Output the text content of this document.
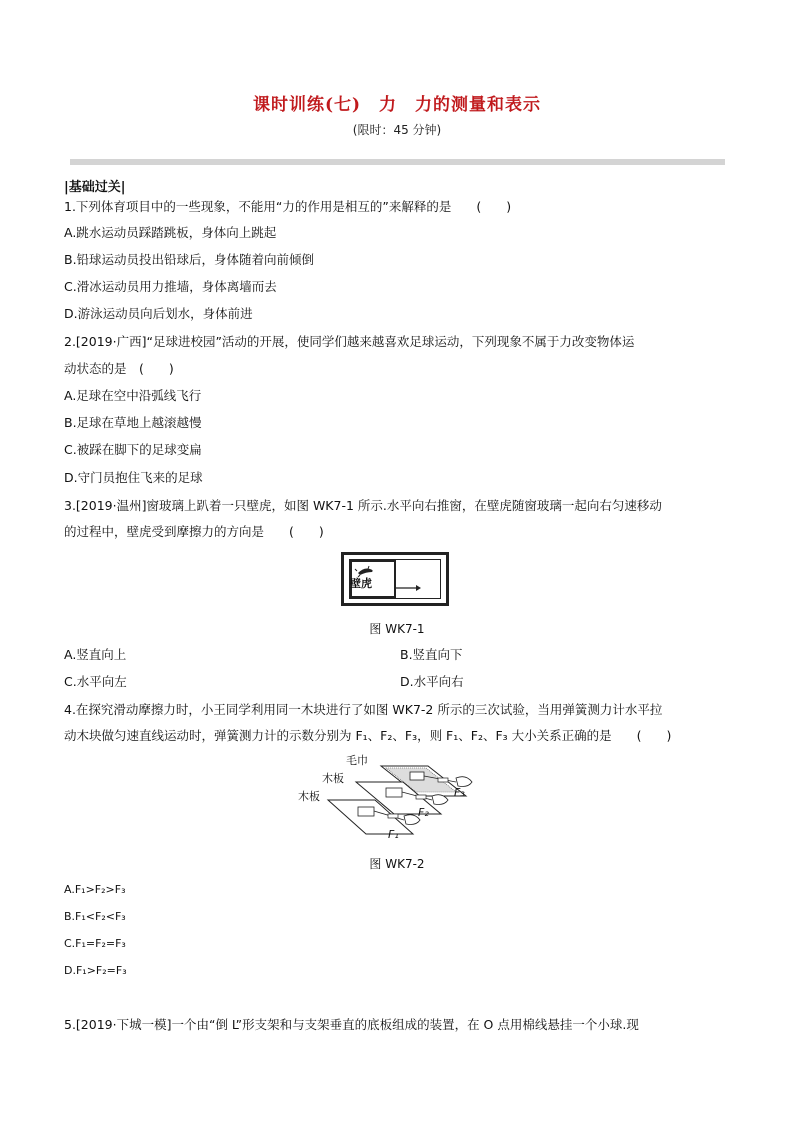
课时训练(七)　力　力的测量和表示
(限时：45 分钟)
|基础过关|
1.下列体育项目中的一些现象，不能用“力的作用是相互的”来解释的是　　(　　)
A.跳水运动员踩踏跳板，身体向上跳起
B.铅球运动员投出铅球后，身体随着向前倾倒
C.滑冰运动员用力推墙，身体离墙而去
D.游泳运动员向后划水，身体前进
2.[2019·广西]“足球进校园”活动的开展，使同学们越来越喜欢足球运动，下列现象不属于力改变物体运
动状态的是　(　　)
A.足球在空中沿弧线飞行
B.足球在草地上越滚越慢
C.被踩在脚下的足球变扁
D.守门员抱住飞来的足球
3.[2019·温州]窗玻璃上趴着一只壁虎，如图 WK7-1 所示.水平向右推窗，在壁虎随窗玻璃一起向右匀速移动
的过程中，壁虎受到摩擦力的方向是　　(　　)
壁虎
图 WK7-1
A.竖直向上	B.竖直向下
C.水平向左	D.水平向右
4.在探究滑动摩擦力时，小王同学利用同一木块进行了如图 WK7-2 所示的三次试验，当用弹簧测力计水平拉
动木块做匀速直线运动时，弹簧测力计的示数分别为 F₁、F₂、F₃，则 F₁、F₂、F₃ 大小关系正确的是　　(　　)
毛巾
木板
木板	F₃
F₂
F₁
图 WK7-2
A.F₁>F₂>F₃
B.F₁<F₂<F₃
C.F₁=F₂=F₃
D.F₁>F₂=F₃
5.[2019·下城一模]一个由“倒 L”形支架和与支架垂直的底板组成的装置，在 O 点用棉线悬挂一个小球.现
